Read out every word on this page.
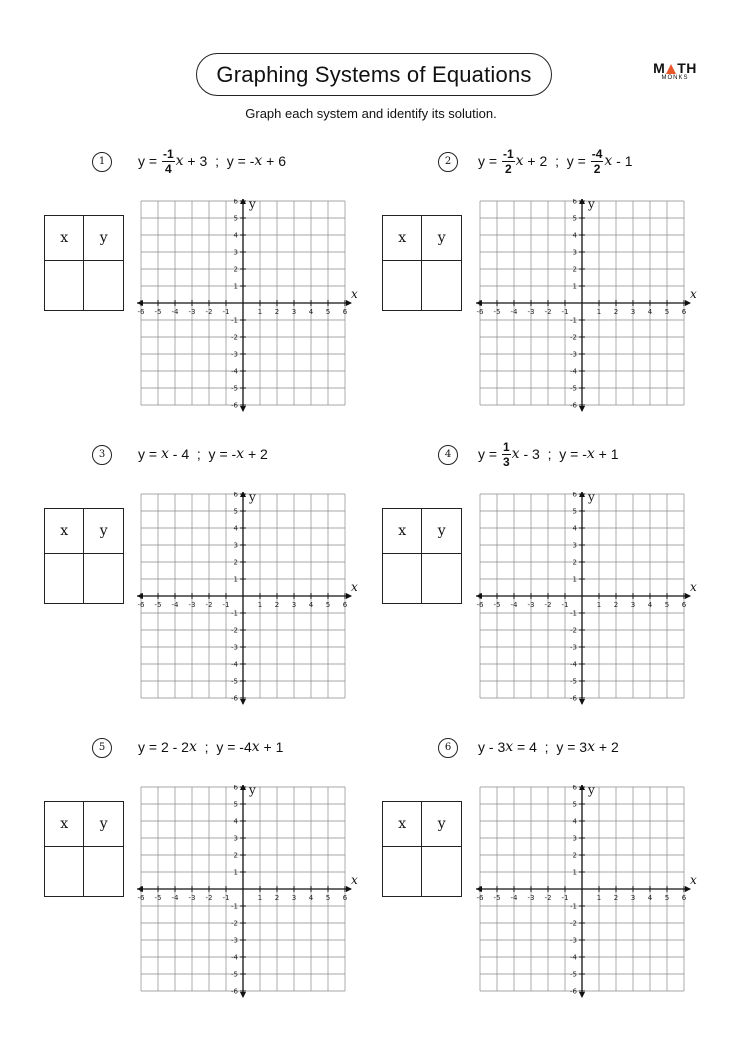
Graphing Systems of Equations	M TH
MONKS
Graph each system and identify its solution.
1	$y = \frac{-1}{4}$ x + 3  ;  y = - x + 6
x	y

-6
-6
-5
-5
-4
-4
-3
-3
-2
-2
-1
-1
1
1
2
2
3
3
4
4
5
5
6
6
x
y
2	$y = \frac{-1}{2}$ x + 2  ;  $y = \frac{-4}{2}$ x - 1
x	y

-6
-6
-5
-5
-4
-4
-3
-3
-2
-2
-1
-1
1
1
2
2
3
3
4
4
5
5
6
6
x
y
3	y = x - 4  ;  y = - x + 2
x	y

-6
-6
-5
-5
-4
-4
-3
-3
-2
-2
-1
-1
1
1
2
2
3
3
4
4
5
5
6
6
x
y
4	$y = \frac{1}{3}$ x - 3  ;  y = - x + 1
x	y

-6
-6
-5
-5
-4
-4
-3
-3
-2
-2
-1
-1
1
1
2
2
3
3
4
4
5
5
6
6
x
y
5	y = 2 - 2 x ;  y = -4 x + 1
x	y

-6
-6
-5
-5
-4
-4
-3
-3
-2
-2
-1
-1
1
1
2
2
3
3
4
4
5
5
6
6
x
y
6	y - 3 x = 4  ;  y = 3 x + 2
x	y

-6
-6
-5
-5
-4
-4
-3
-3
-2
-2
-1
-1
1
1
2
2
3
3
4
4
5
5
6
6
x
y
